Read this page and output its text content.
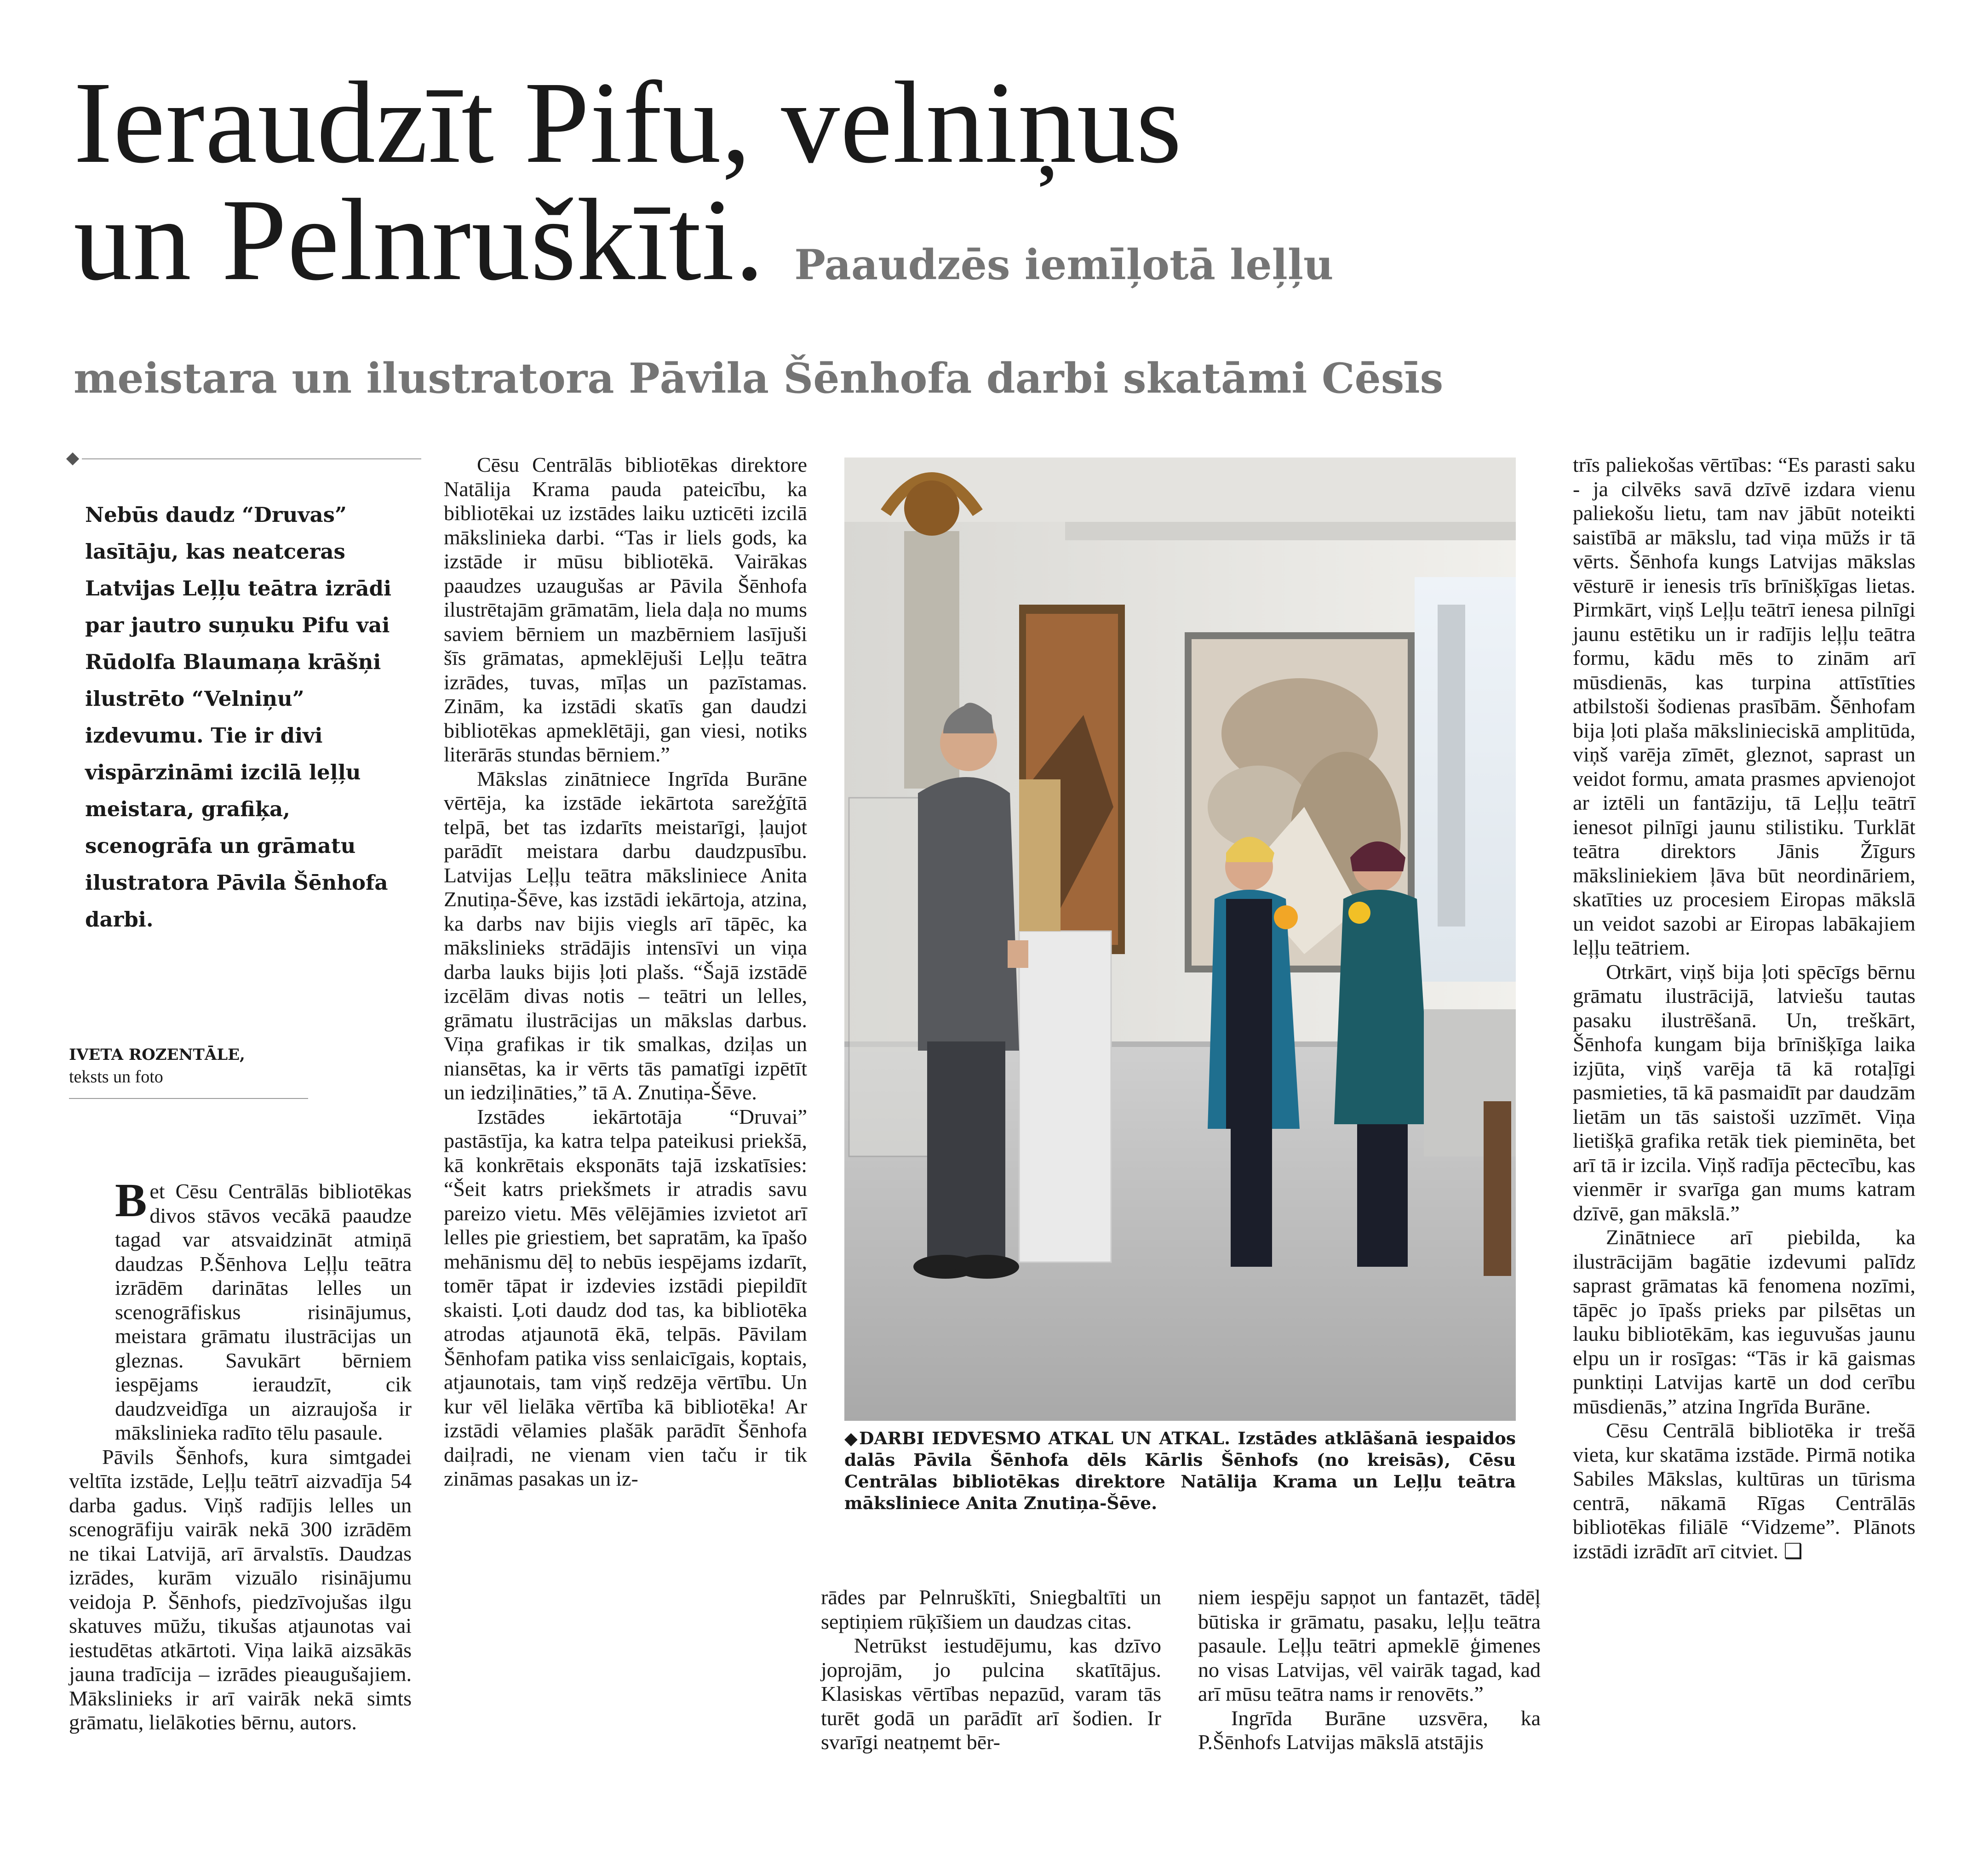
Ieraudzīt Pifu, velniņus
un Pelnruškīti. Paaudzēs iemīļotā leļļu
meistara un ilustratora Pāvila Šēnhofa darbi skatāmi Cēsīs
Nebūs daudz “Druvas” lasītāju, kas neatceras Latvijas Leļļu teātra izrādi par jautro suņuku Pifu vai Rūdolfa Blaumaņa krāšņi ilustrēto “Velniņu” izdevumu. Tie ir divi vispārzināmi izcilā leļļu meistara, grafiķa, scenogrāfa un grāmatu ilustratora Pāvila Šēnhofa darbi.
IVETA ROZENTĀLE,
teksts un foto

Bet Cēsu Centrālās bibliotēkas divos stāvos vecākā paaudze tagad var atsvaidzināt atmiņā daudzas P.Šēnhova Leļļu teātra izrādēm darinātas lelles un scenogrāfiskus risinājumus, meistara grāmatu ilustrācijas un gleznas. Savukārt bērniem iespējams ieraudzīt, cik daudzveidīga un aizraujoša ir mākslinieka radīto tēlu pasaule.

Pāvils Šēnhofs, kura simtgadei veltīta izstāde, Leļļu teātrī aizvadīja 54 darba gadus. Viņš radījis lelles un scenogrāfiju vairāk nekā 300 izrādēm ne tikai Latvijā, arī ārvalstīs. Daudzas izrādes, kurām vizuālo risinājumu veidoja P. Šēnhofs, piedzīvojušas ilgu skatuves mūžu, tikušas atjaunotas vai iestudētas atkārtoti. Viņa laikā aizsākās jauna tradīcija – izrādes pieaugušajiem. Mākslinieks ir arī vairāk nekā simts grāmatu, lielākoties bērnu, autors.

Cēsu Centrālās bibliotēkas direktore Natālija Krama pauda pateicību, ka bibliotēkai uz izstādes laiku uzticēti izcilā mākslinieka darbi. “Tas ir liels gods, ka izstāde ir mūsu bibliotēkā. Vairākas paaudzes uzaugušas ar Pāvila Šēnhofa ilustrētajām grāmatām, liela daļa no mums saviem bērniem un mazbērniem lasījuši šīs grāmatas, apmeklējuši Leļļu teātra izrādes, tuvas, mīļas un pazīstamas. Zinām, ka izstādi skatīs gan daudzi bibliotēkas apmeklētāji, gan viesi, notiks literārās stundas bērniem.”

Mākslas zinātniece Ingrīda Burāne vērtēja, ka izstāde iekārtota sarežģītā telpā, bet tas izdarīts meistarīgi, ļaujot parādīt meistara darbu daudzpusību. Latvijas Leļļu teātra māksliniece Anita Znutiņa-Šēve, kas izstādi iekārtoja, atzina, ka darbs nav bijis viegls arī tāpēc, ka mākslinieks strādājis intensīvi un viņa darba lauks bijis ļoti plašs. “Šajā izstādē izcēlām divas notis – teātri un lelles, grāmatu ilustrācijas un mākslas darbus. Viņa grafikas ir tik smalkas, dziļas un niansētas, ka ir vērts tās pamatīgi izpētīt un iedziļināties,” tā A. Znutiņa-Šēve.

Izstādes iekārtotāja “Druvai” pastāstīja, ka katra telpa pateikusi priekšā, kā konkrētais eksponāts tajā izskatīsies: “Šeit katrs priekšmets ir atradis savu pareizo vietu. Mēs vēlējāmies izvietot arī lelles pie griestiem, bet sapratām, ka īpašo mehānismu dēļ to nebūs iespējams izdarīt, tomēr tāpat ir izdevies izstādi piepildīt skaisti. Ļoti daudz dod tas, ka bibliotēka atrodas atjaunotā ēkā, telpās. Pāvilam Šēnhofam patika viss senlaicīgais, koptais, atjaunotais, tam viņš redzēja vērtību. Un kur vēl lielāka vērtība kā bibliotēka! Ar izstādi vēlamies plašāk parādīt Šēnhofa daiļradi, ne vienam vien taču ir tik zināmas pasakas un iz-

◆DARBI IEDVESMO ATKAL UN ATKAL. Izstādes atklāšanā iespaidos dalās Pāvila Šēnhofa dēls Kārlis Šēnhofs (no kreisās), Cēsu Centrālas bibliotēkas direktore Natālija Krama un Leļļu teātra māksliniece Anita Znutiņa-Šēve.

rādes par Pelnruškīti, Sniegbaltīti un septiņiem rūķīšiem un daudzas citas.

Netrūkst iestudējumu, kas dzīvo joprojām, jo pulcina skatītājus. Klasiskas vērtības nepazūd, varam tās turēt godā un parādīt arī šodien. Ir svarīgi neatņemt bēr-

niem iespēju sapņot un fantazēt, tādēļ būtiska ir grāmatu, pasaku, leļļu teātra pasaule. Leļļu teātri apmeklē ģimenes no visas Latvijas, vēl vairāk tagad, kad arī mūsu teātra nams ir renovēts.”

Ingrīda Burāne uzsvēra, ka P.Šēnhofs Latvijas mākslā atstājis

trīs paliekošas vērtības: “Es parasti saku - ja cilvēks savā dzīvē izdara vienu paliekošu lietu, tam nav jābūt noteikti saistībā ar mākslu, tad viņa mūžs ir tā vērts. Šēnhofa kungs Latvijas mākslas vēsturē ir ienesis trīs brīnišķīgas lietas. Pirmkārt, viņš Leļļu teātrī ienesa pilnīgi jaunu estētiku un ir radījis leļļu teātra formu, kādu mēs to zinām arī mūsdienās, kas turpina attīstīties atbilstoši šodienas prasībām. Šēnhofam bija ļoti plaša mākslinieciskā amplitūda, viņš varēja zīmēt, gleznot, saprast un veidot formu, amata prasmes apvienojot ar iztēli un fantāziju, tā Leļļu teātrī ienesot pilnīgi jaunu stilistiku. Turklāt teātra direktors Jānis Žīgurs māksliniekiem ļāva būt neordināriem, skatīties uz procesiem Eiropas mākslā un veidot sazobi ar Eiropas labākajiem leļļu teātriem.

Otrkārt, viņš bija ļoti spēcīgs bērnu grāmatu ilustrācijā, latviešu tautas pasaku ilustrēšanā. Un, treškārt, Šēnhofa kungam bija brīnišķīga laika izjūta, viņš varēja tā kā rotaļīgi pasmieties, tā kā pasmaidīt par daudzām lietām un tās saistoši uzzīmēt. Viņa lietišķā grafika retāk tiek pieminēta, bet arī tā ir izcila. Viņš radīja pēctecību, kas vienmēr ir svarīga gan mums katram dzīvē, gan mākslā.”

Zinātniece arī piebilda, ka ilustrācijām bagātie izdevumi palīdz saprast grāmatas kā fenomena nozīmi, tāpēc jo īpašs prieks par pilsētas un lauku bibliotēkām, kas ieguvušas jaunu elpu un ir rosīgas: “Tās ir kā gaismas punktiņi Latvijas kartē un dod cerību mūsdienās,” atzina Ingrīda Burāne.

Cēsu Centrālā bibliotēka ir trešā vieta, kur skatāma izstāde. Pirmā notika Sabiles Mākslas, kultūras un tūrisma centrā, nākamā Rīgas Centrālās bibliotēkas filiālē “Vidzeme”. Plānots izstādi izrādīt arī citviet. ❑
